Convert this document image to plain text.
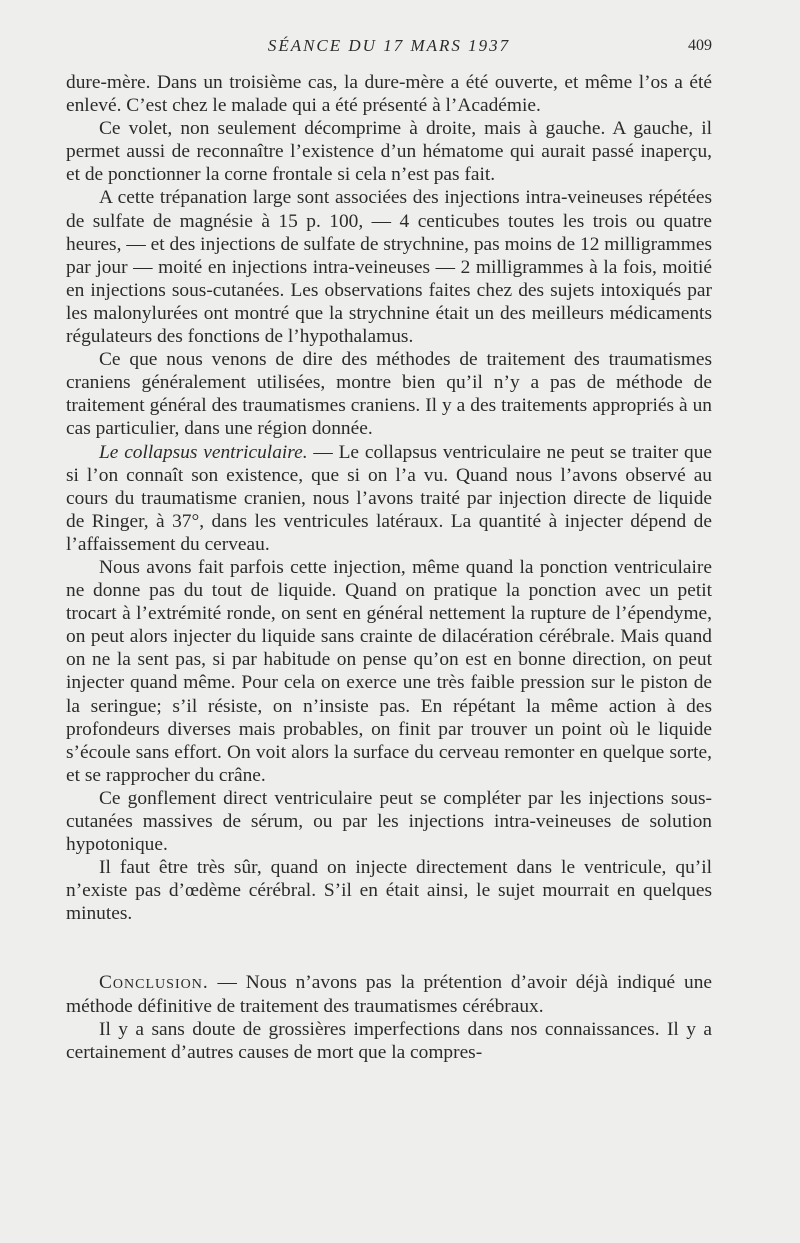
SÉANCE DU 17 MARS 1937	409

dure-mère. Dans un troisième cas, la dure-mère a été ouverte, et même l’os a été enlevé. C’est chez le malade qui a été présenté à l’Académie.

Ce volet, non seulement décomprime à droite, mais à gauche. A gauche, il permet aussi de reconnaître l’existence d’un hématome qui aurait passé inaperçu, et de ponctionner la corne frontale si cela n’est pas fait.

A cette trépanation large sont associées des injections intra-veineuses répétées de sulfate de magnésie à 15 p. 100, — 4 centicubes toutes les trois ou quatre heures, — et des injections de sulfate de strychnine, pas moins de 12 milligrammes par jour — moité en injections intra-veineuses — 2 milligrammes à la fois, moitié en injections sous-cutanées. Les observations faites chez des sujets intoxiqués par les malonylurées ont montré que la strychnine était un des meilleurs médicaments régulateurs des fonctions de l’hypothalamus.

Ce que nous venons de dire des méthodes de traitement des traumatismes craniens généralement utilisées, montre bien qu’il n’y a pas de méthode de traitement général des traumatismes craniens. Il y a des traitements appropriés à un cas particulier, dans une région donnée.

Le collapsus ventriculaire. — Le collapsus ventriculaire ne peut se traiter que si l’on connaît son existence, que si on l’a vu. Quand nous l’avons observé au cours du traumatisme cranien, nous l’avons traité par injection directe de liquide de Ringer, à 37°, dans les ventricules latéraux. La quantité à injecter dépend de l’affaissement du cerveau.

Nous avons fait parfois cette injection, même quand la ponction ventriculaire ne donne pas du tout de liquide. Quand on pratique la ponction avec un petit trocart à l’extrémité ronde, on sent en général nettement la rupture de l’épendyme, on peut alors injecter du liquide sans crainte de dilacération cérébrale. Mais quand on ne la sent pas, si par habitude on pense qu’on est en bonne direction, on peut injecter quand même. Pour cela on exerce une très faible pression sur le piston de la seringue; s’il résiste, on n’insiste pas. En répétant la même action à des profondeurs diverses mais probables, on finit par trouver un point où le liquide s’écoule sans effort. On voit alors la surface du cerveau remonter en quelque sorte, et se rapprocher du crâne.

Ce gonflement direct ventriculaire peut se compléter par les injections sous-cutanées massives de sérum, ou par les injections intra-veineuses de solution hypotonique.

Il faut être très sûr, quand on injecte directement dans le ventricule, qu’il n’existe pas d’œdème cérébral. S’il en était ainsi, le sujet mourrait en quelques minutes.

Conclusion. — Nous n’avons pas la prétention d’avoir déjà indiqué une méthode définitive de traitement des traumatismes cérébraux.

Il y a sans doute de grossières imperfections dans nos connaissances. Il y a certainement d’autres causes de mort que la compres-
